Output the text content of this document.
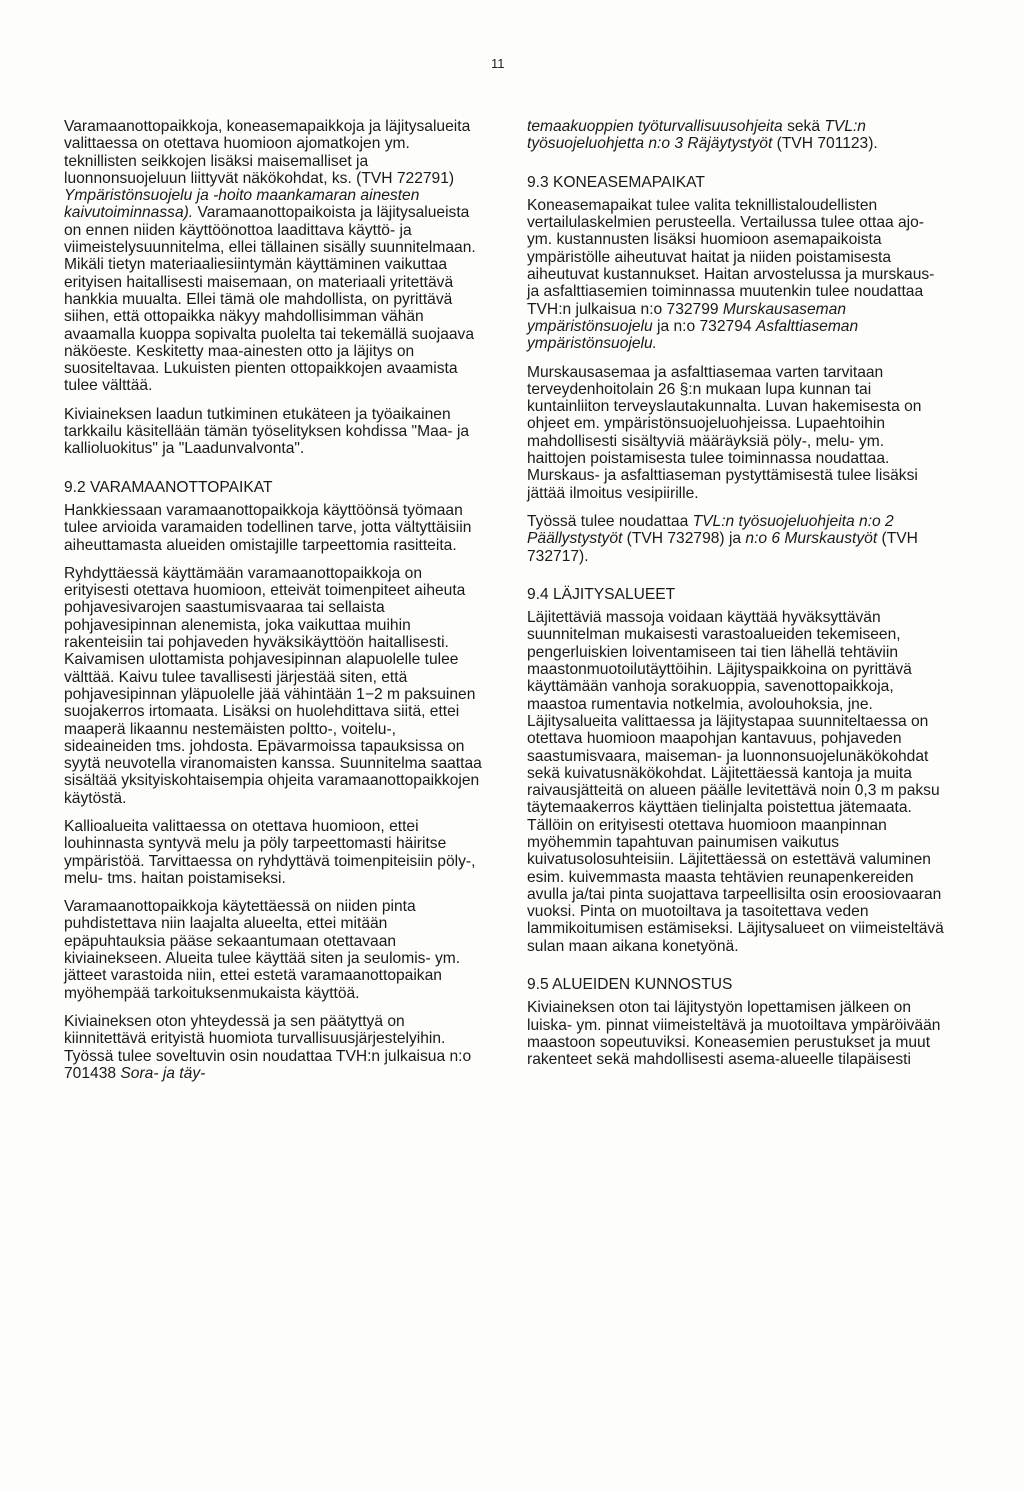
11

Varamaanottopaikkoja, koneasemapaikkoja ja läjitysalueita valittaessa on otettava huomioon ajomatkojen ym. teknillisten seikkojen lisäksi maisemalliset ja luonnonsuojeluun liittyvät näkökohdat, ks. (TVH 722791) Ympäristönsuojelu ja -hoito maankamaran ainesten kaivutoiminnassa). Varamaanottopaikoista ja läjitysalueista on ennen niiden käyttöönottoa laadittava käyttö- ja viimeistelysuunnitelma, ellei tällainen sisälly suunnitelmaan. Mikäli tietyn materiaaliesiintymän käyttäminen vaikuttaa erityisen haitallisesti maisemaan, on materiaali yritettävä hankkia muualta. Ellei tämä ole mahdollista, on pyrittävä siihen, että ottopaikka näkyy mahdollisimman vähän avaamalla kuoppa sopivalta puolelta tai tekemällä suojaava näköeste. Keskitetty maa-ainesten otto ja läjitys on suositeltavaa. Lukuisten pienten ottopaikkojen avaamista tulee välttää.

Kiviaineksen laadun tutkiminen etukäteen ja työaikainen tarkkailu käsitellään tämän työselityksen kohdissa "Maa- ja kallioluokitus" ja "Laadunvalvonta".

9.2 VARAMAANOTTOPAIKAT

Hankkiessaan varamaanottopaikkoja käyttöönsä työmaan tulee arvioida varamaiden todellinen tarve, jotta vältyttäisiin aiheuttamasta alueiden omistajille tarpeettomia rasitteita.

Ryhdyttäessä käyttämään varamaanottopaikkoja on erityisesti otettava huomioon, etteivät toimenpiteet aiheuta pohjavesivarojen saastumisvaaraa tai sellaista pohjavesipinnan alenemista, joka vaikuttaa muihin rakenteisiin tai pohjaveden hyväksikäyttöön haitallisesti. Kaivamisen ulottamista pohjavesipinnan alapuolelle tulee välttää. Kaivu tulee tavallisesti järjestää siten, että pohjavesipinnan yläpuolelle jää vähintään 1−2 m paksuinen suojakerros irtomaata. Lisäksi on huolehdittava siitä, ettei maaperä likaannu nestemäisten poltto-, voitelu-, sideaineiden tms. johdosta. Epävarmoissa tapauksissa on syytä neuvotella viranomaisten kanssa. Suunnitelma saattaa sisältää yksityiskohtaisempia ohjeita varamaanottopaikkojen käytöstä.

Kallioalueita valittaessa on otettava huomioon, ettei louhinnasta syntyvä melu ja pöly tarpeettomasti häiritse ympäristöä. Tarvittaessa on ryhdyttävä toimenpiteisiin pöly-, melu- tms. haitan poistamiseksi.

Varamaanottopaikkoja käytettäessä on niiden pinta puhdistettava niin laajalta alueelta, ettei mitään epäpuhtauksia pääse sekaantumaan otettavaan kiviainekseen. Alueita tulee käyttää siten ja seulomis- ym. jätteet varastoida niin, ettei estetä varamaanottopaikan myöhempää tarkoituksenmukaista käyttöä.

Kiviaineksen oton yhteydessä ja sen päätyttyä on kiinnitettävä erityistä huomiota turvallisuusjärjestelyihin. Työssä tulee soveltuvin osin noudattaa TVH:n julkaisua n:o 701438 Sora- ja täy-

temaakuoppien työturvallisuusohjeita sekä TVL:n työsuojeluohjetta n:o 3 Räjäytystyöt (TVH 701123).

9.3 KONEASEMAPAIKAT

Koneasemapaikat tulee valita teknillistaloudellisten vertailulaskelmien perusteella. Vertailussa tulee ottaa ajo- ym. kustannusten lisäksi huomioon asemapaikoista ympäristölle aiheutuvat haitat ja niiden poistamisesta aiheutuvat kustannukset. Haitan arvostelussa ja murskaus- ja asfalttiasemien toiminnassa muutenkin tulee noudattaa TVH:n julkaisua n:o 732799 Murskausaseman ympäristönsuojelu ja n:o 732794 Asfalttiaseman ympäristönsuojelu.

Murskausasemaa ja asfalttiasemaa varten tarvitaan terveydenhoitolain 26 §:n mukaan lupa kunnan tai kuntainliiton terveyslautakunnalta. Luvan hakemisesta on ohjeet em. ympäristönsuojeluohjeissa. Lupaehtoihin mahdollisesti sisältyviä määräyksiä pöly-, melu- ym. haittojen poistamisesta tulee toiminnassa noudattaa. Murskaus- ja asfalttiaseman pystyttämisestä tulee lisäksi jättää ilmoitus vesipiirille.

Työssä tulee noudattaa TVL:n työsuojeluohjeita n:o 2 Päällystystyöt (TVH 732798) ja n:o 6 Murskaustyöt (TVH 732717).

9.4 LÄJITYSALUEET

Läjitettäviä massoja voidaan käyttää hyväksyttävän suunnitelman mukaisesti varastoalueiden tekemiseen, pengerluiskien loiventamiseen tai tien lähellä tehtäviin maastonmuotoilutäyttöihin. Läjityspaikkoina on pyrittävä käyttämään vanhoja sorakuoppia, savenottopaikkoja, maastoa rumentavia notkelmia, avolouhoksia, jne. Läjitysalueita valittaessa ja läjitystapaa suunniteltaessa on otettava huomioon maapohjan kantavuus, pohjaveden saastumisvaara, maiseman- ja luonnonsuojelunäkökohdat sekä kuivatusnäkökohdat. Läjitettäessä kantoja ja muita raivausjätteitä on alueen päälle levitettävä noin 0,3 m paksu täytemaakerros käyttäen tielinjalta poistettua jätemaata. Tällöin on erityisesti otettava huomioon maanpinnan myöhemmin tapahtuvan painumisen vaikutus kuivatusolosuhteisiin. Läjitettäessä on estettävä valuminen esim. kuivemmasta maasta tehtävien reunapenkereiden avulla ja/tai pinta suojattava tarpeellisilta osin eroosiovaaran vuoksi. Pinta on muotoiltava ja tasoitettava veden lammikoitumisen estämiseksi. Läjitysalueet on viimeisteltävä sulan maan aikana konetyönä.

9.5 ALUEIDEN KUNNOSTUS

Kiviaineksen oton tai läjitystyön lopettamisen jälkeen on luiska- ym. pinnat viimeisteltävä ja muotoiltava ympäröivään maastoon sopeutuviksi. Koneasemien perustukset ja muut rakenteet sekä mahdollisesti asema-alueelle tilapäisesti
